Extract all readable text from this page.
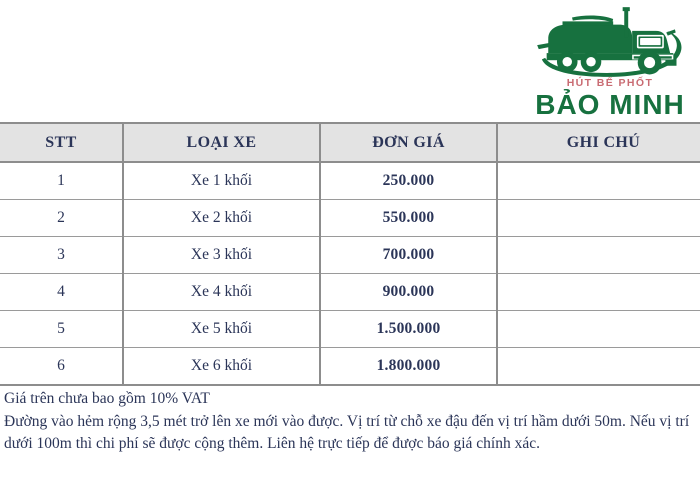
HÚT BỂ PHỐT
BẢO MINH
STT	LOẠI XE	ĐƠN GIÁ	GHI CHÚ
1	Xe 1 khối	250.000	
2	Xe 2 khối	550.000	
3	Xe 3 khối	700.000	
4	Xe 4 khối	900.000	
5	Xe 5 khối	1.500.000	
6	Xe 6 khối	1.800.000	

Giá trên chưa bao gồm 10% VAT

Đường vào hẻm rộng 3,5 mét trở lên xe mới vào được. Vị trí từ chỗ xe đậu đến vị trí hầm dưới 50m. Nếu vị trí dưới 100m thì chi phí sẽ được cộng thêm. Liên hệ trực tiếp để được báo giá chính xác.
